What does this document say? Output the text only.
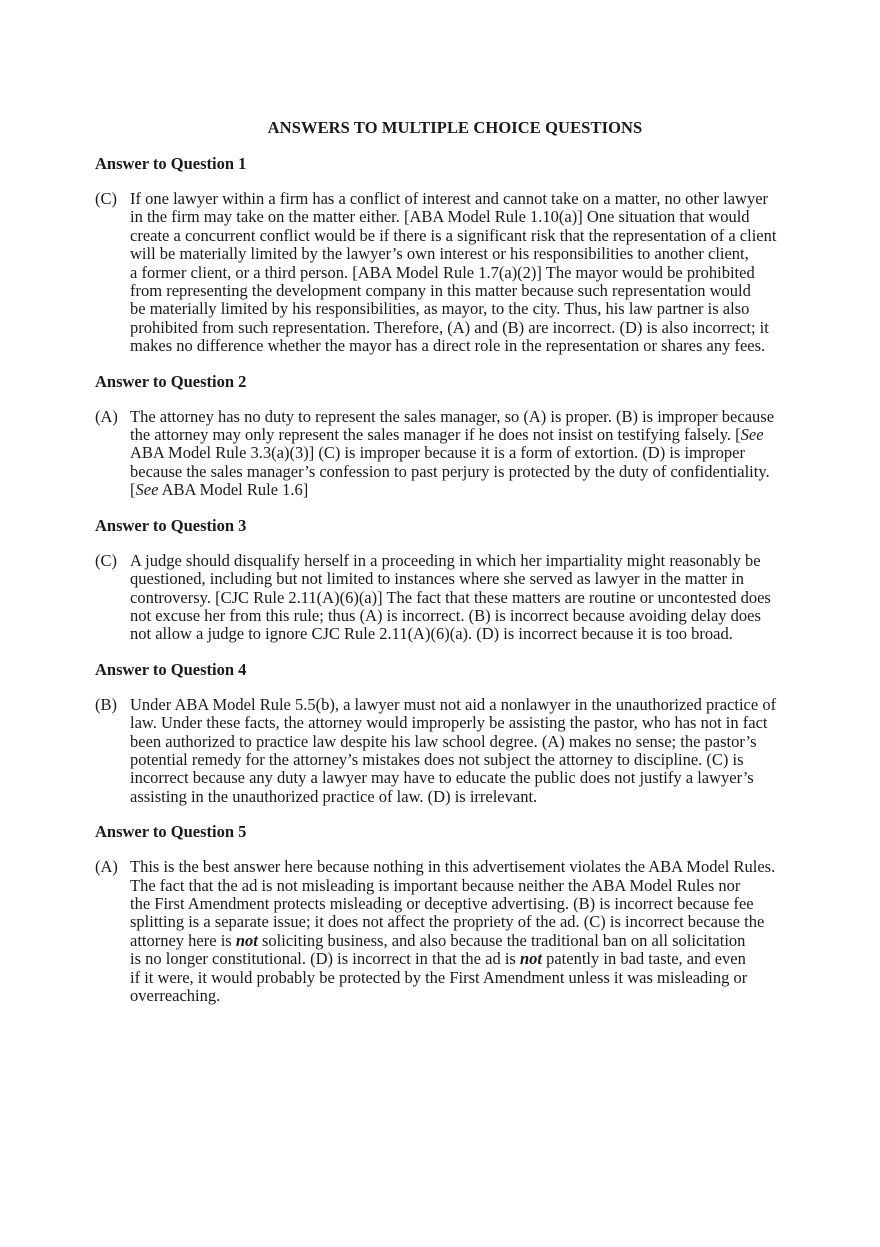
ANSWERS TO MULTIPLE CHOICE QUESTIONS
Answer to Question 1
(C) If one lawyer within a firm has a conflict of interest and cannot take on a matter, no other lawyer
in the firm may take on the matter either. [ABA Model Rule 1.10(a)] One situation that would
create a concurrent conflict would be if there is a significant risk that the representation of a client
will be materially limited by the lawyer’s own interest or his responsibilities to another client,
a former client, or a third person. [ABA Model Rule 1.7(a)(2)] The mayor would be prohibited
from representing the development company in this matter because such representation would
be materially limited by his responsibilities, as mayor, to the city. Thus, his law partner is also
prohibited from such representation. Therefore, (A) and (B) are incorrect. (D) is also incorrect; it
makes no difference whether the mayor has a direct role in the representation or shares any fees.
Answer to Question 2
(A) The attorney has no duty to represent the sales manager, so (A) is proper. (B) is improper because
the attorney may only represent the sales manager if he does not insist on testifying falsely. [See
ABA Model Rule 3.3(a)(3)] (C) is improper because it is a form of extortion. (D) is improper
because the sales manager’s confession to past perjury is protected by the duty of confidentiality.
[See ABA Model Rule 1.6]
Answer to Question 3
(C) A judge should disqualify herself in a proceeding in which her impartiality might reasonably be
questioned, including but not limited to instances where she served as lawyer in the matter in
controversy. [CJC Rule 2.11(A)(6)(a)] The fact that these matters are routine or uncontested does
not excuse her from this rule; thus (A) is incorrect. (B) is incorrect because avoiding delay does
not allow a judge to ignore CJC Rule 2.11(A)(6)(a). (D) is incorrect because it is too broad.
Answer to Question 4
(B) Under ABA Model Rule 5.5(b), a lawyer must not aid a nonlawyer in the unauthorized practice of
law. Under these facts, the attorney would improperly be assisting the pastor, who has not in fact
been authorized to practice law despite his law school degree. (A) makes no sense; the pastor’s
potential remedy for the attorney’s mistakes does not subject the attorney to discipline. (C) is
incorrect because any duty a lawyer may have to educate the public does not justify a lawyer’s
assisting in the unauthorized practice of law. (D) is irrelevant.
Answer to Question 5
(A) This is the best answer here because nothing in this advertisement violates the ABA Model Rules.
The fact that the ad is not misleading is important because neither the ABA Model Rules nor
the First Amendment protects misleading or deceptive advertising. (B) is incorrect because fee
splitting is a separate issue; it does not affect the propriety of the ad. (C) is incorrect because the
attorney here is not soliciting business, and also because the traditional ban on all solicitation
is no longer constitutional. (D) is incorrect in that the ad is not patently in bad taste, and even
if it were, it would probably be protected by the First Amendment unless it was misleading or
overreaching.
